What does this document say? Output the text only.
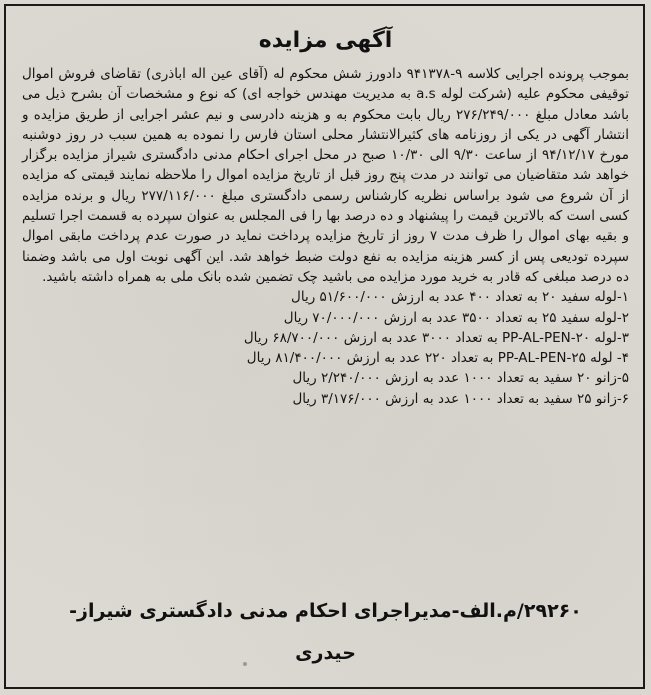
آگهی مزایده

بموجب پرونده اجرایی کلاسه ۹-۹۴۱۳۷۸ دادورز شش محکوم له (آقای عین اله اباذری) تقاضای فروش اموال توقیفی محکوم علیه (شرکت لوله a.s به مدیریت مهندس خواجه ای) که نوع و مشخصات آن بشرح ذیل می باشد معادل مبلغ ۲۷۶/۲۴۹/۰۰۰ ریال بابت محکوم به و هزینه دادرسی و نیم عشر اجرایی از طریق مزایده و انتشار آگهی در یکی از روزنامه های کثیرالانتشار محلی استان فارس را نموده به همین سبب در روز دوشنبه مورخ ۹۴/۱۲/۱۷ از ساعت ۹/۳۰ الی ۱۰/۳۰ صبح در محل اجرای احکام مدنی دادگستری شیراز مزایده برگزار خواهد شد متقاضیان می توانند در مدت پنج روز قبل از تاریخ مزایده اموال را ملاحظه نمایند قیمتی که مزایده از آن شروع می شود براساس نظریه کارشناس رسمی دادگستری مبلغ ۲۷۷/۱۱۶/۰۰۰ ریال و برنده مزایده کسی است که بالاترین قیمت را پیشنهاد و ده درصد بها را فی المجلس به عنوان سپرده به قسمت اجرا تسلیم و بقیه بهای اموال را ظرف مدت ۷ روز از تاریخ مزایده پرداخت نماید در صورت عدم پرداخت مابقی اموال سپرده تودیعی پس از کسر هزینه مزایده به نفع دولت ضبط خواهد شد. این آگهی نوبت اول می باشد وضمنا ده درصد مبلغی که قادر به خرید مورد مزایده می باشید چک تضمین شده بانک ملی به همراه داشته باشید.

۱-لوله سفید ۲۰ به تعداد ۴۰۰ عدد به ارزش ۵۱/۶۰۰/۰۰۰ ریال
۲-لوله سفید ۲۵ به تعداد ۳۵۰۰ عدد به ارزش ۷۰/۰۰۰/۰۰۰ ریال
۳-لوله PP-AL-PEN-۲۰ به تعداد ۳۰۰۰ عدد به ارزش ۶۸/۷۰۰/۰۰۰ ریال
۴- لوله PP-AL-PEN-۲۵ به تعداد ۲۲۰ عدد به ارزش ۸۱/۴۰۰/۰۰۰ ریال
۵-زانو ۲۰ سفید به تعداد ۱۰۰۰ عدد به ارزش ۲/۲۴۰/۰۰۰ ریال
۶-زانو ۲۵ سفید به تعداد ۱۰۰۰ عدد به ارزش ۳/۱۷۶/۰۰۰ ریال
۲۹۲۶۰/م.الف-مدیراجرای احکام مدنی دادگستری شیراز-
حیدری
